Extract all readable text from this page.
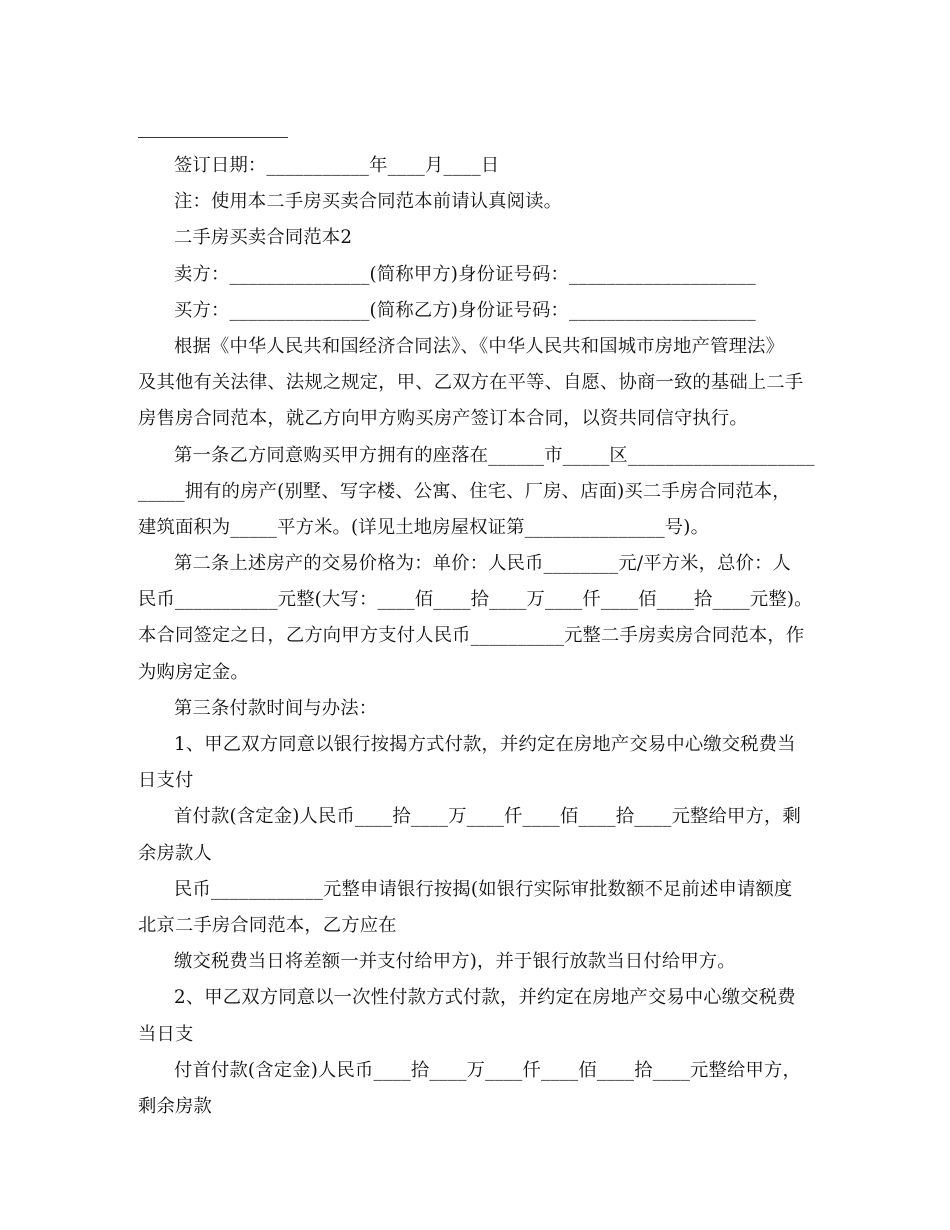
签订日期：___________年____月____日
注：使用本二手房买卖合同范本前请认真阅读。
二手房买卖合同范本2
卖方：_______________(简称甲方)身份证号码：____________________
买方：_______________(简称乙方)身份证号码：____________________
根据《中华人民共和国经济合同法》、《中华人民共和国城市房地产管理法》
及其他有关法律、法规之规定，甲、乙双方在平等、自愿、协商一致的基础上二手
房售房合同范本，就乙方向甲方购买房产签订本合同，以资共同信守执行。
第一条乙方同意购买甲方拥有的座落在______市_____区____________________
_____拥有的房产(别墅、写字楼、公寓、住宅、厂房、店面)买二手房合同范本，
建筑面积为_____平方米。(详见土地房屋权证第_______________号)。
第二条上述房产的交易价格为：单价：人民币________元/平方米，总价：人
民币___________元整(大写：____佰____拾____万____仟____佰____拾____元整)。
本合同签定之日，乙方向甲方支付人民币__________元整二手房卖房合同范本，作
为购房定金。
第三条付款时间与办法：
1、甲乙双方同意以银行按揭方式付款，并约定在房地产交易中心缴交税费当
日支付
首付款(含定金)人民币____拾____万____仟____佰____拾____元整给甲方，剩
余房款人
民币____________元整申请银行按揭(如银行实际审批数额不足前述申请额度
北京二手房合同范本，乙方应在
缴交税费当日将差额一并支付给甲方)，并于银行放款当日付给甲方。
2、甲乙双方同意以一次性付款方式付款，并约定在房地产交易中心缴交税费
当日支
付首付款(含定金)人民币____拾____万____仟____佰____拾____元整给甲方，
剩余房款
